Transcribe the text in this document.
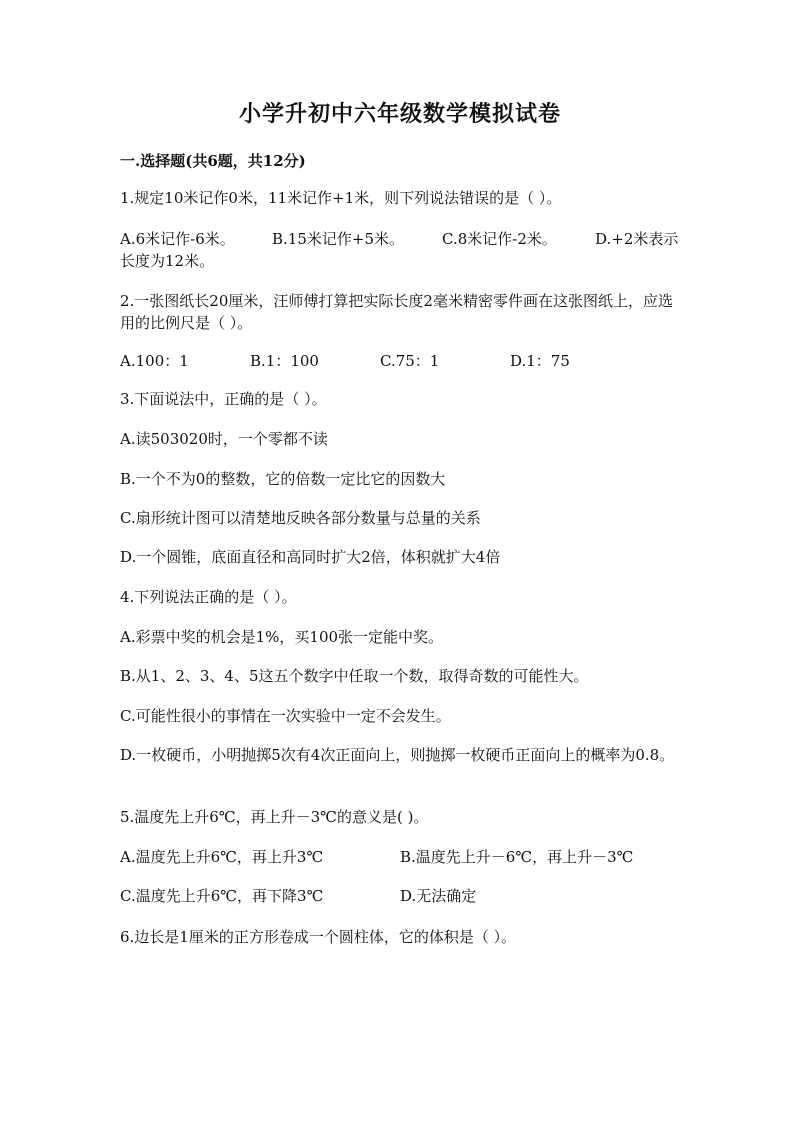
小学升初中六年级数学模拟试卷
一.选择题(共6题，共12分)
1.规定10米记作0米，11米记作+1米，则下列说法错误的是（ ）。
A.6米记作-6米。 B.15米记作+5米。	C.8米记作-2米。	D.+2米表示长度为12米。
2.一张图纸长20厘米，汪师傅打算把实际长度2毫米精密零件画在这张图纸上，应选用的比例尺是（ ）。
A.100：1	B.1：100	C.75：1	D.1：75
3.下面说法中，正确的是（ ）。
A.读503020时，一个零都不读
B.一个不为0的整数，它的倍数一定比它的因数大
C.扇形统计图可以清楚地反映各部分数量与总量的关系
D.一个圆锥，底面直径和高同时扩大2倍，体积就扩大4倍
4.下列说法正确的是（ ）。
A.彩票中奖的机会是1%，买100张一定能中奖。
B.从1、2、3、4、5这五个数字中任取一个数，取得奇数的可能性大。
C.可能性很小的事情在一次实验中一定不会发生。
D.一枚硬币，小明抛掷5次有4次正面向上，则抛掷一枚硬币正面向上的概率为0.8。
5.温度先上升6℃，再上升－3℃的意义是( )。
A.温度先上升6℃，再上升3℃	B.温度先上升－6℃，再上升－3℃
C.温度先上升6℃，再下降3℃	D.无法确定
6.边长是1厘米的正方形卷成一个圆柱体，它的体积是（ ）。
